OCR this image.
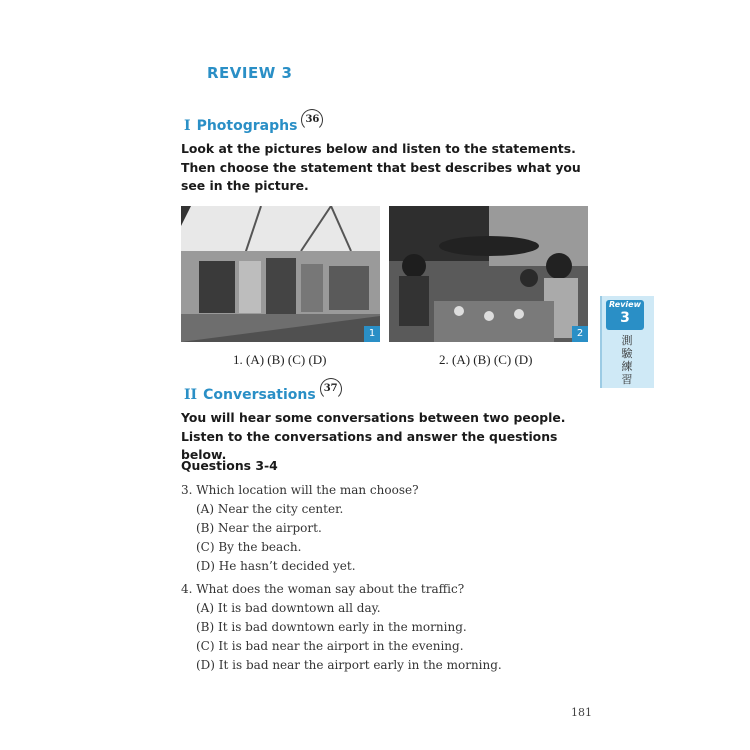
REVIEW 3
I Photographs 36

Look at the pictures below and listen to the statements. Then choose the statement that best describes what you see in the picture.

1	2
1. (A) (B) (C) (D)	2. (A) (B) (C) (D)
II Conversations 37

You will hear some conversations between two people. Listen to the conversations and answer the questions below.

Questions 3-4

3. Which location will the man choose?

(A) Near the city center.

(B) Near the airport.

(C) By the beach.

(D) He hasn’t decided yet.

4. What does the woman say about the traffic?

(A) It is bad downtown all day.

(B) It is bad downtown early in the morning.

(C) It is bad near the airport in the evening.

(D) It is bad near the airport early in the morning.

Review
3
測
驗
練
習
181
